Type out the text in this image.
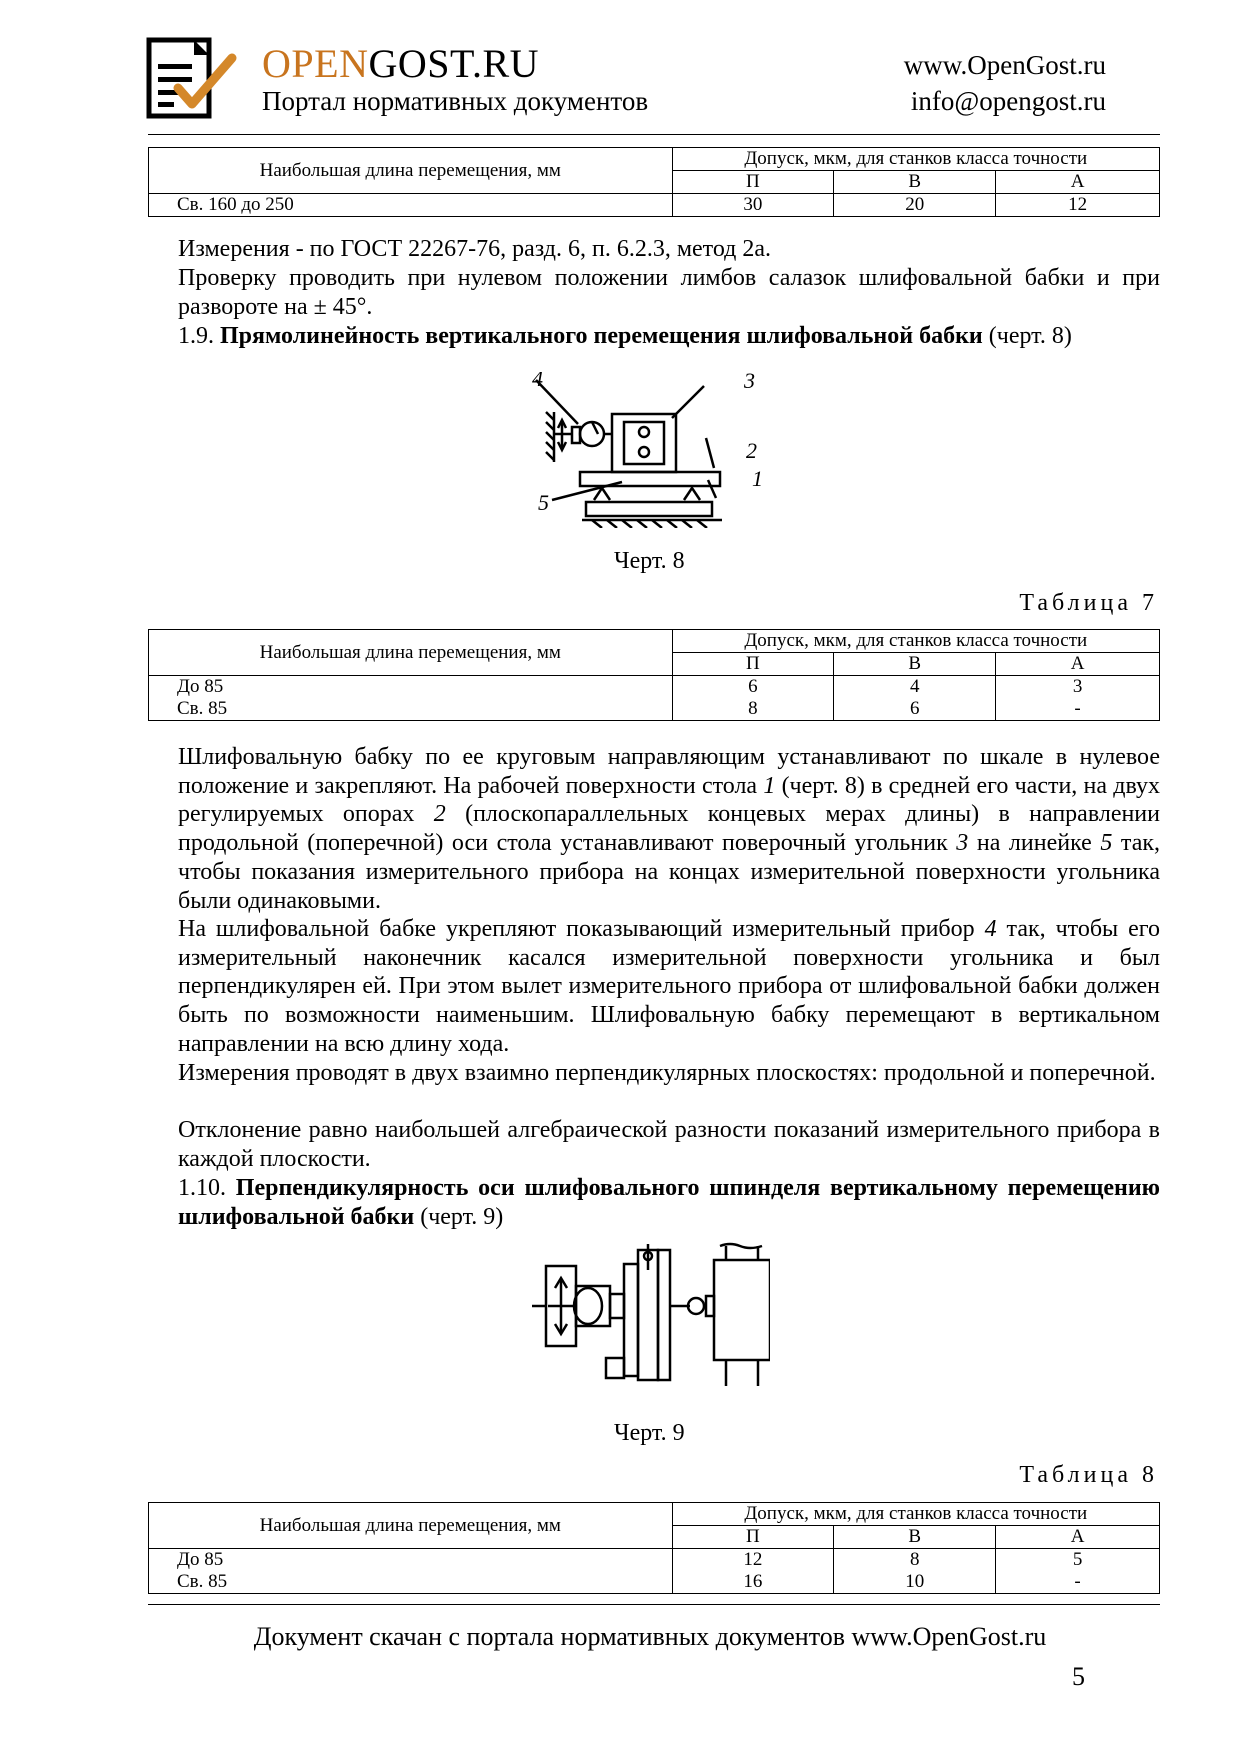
OPENGOST.RU
Портал нормативных документов
www.OpenGost.ru
info@opengost.ru
Наибольшая длина перемещения, мм	Допуск, мкм, для станков класса точности		
	П	В	А
Св. 160 до 250	30	20	12
Измерения - по ГОСТ 22267-76, разд. 6, п. 6.2.3, метод 2а.
Проверку проводить при нулевом положении лимбов салазок шлифовальной бабки и при развороте на ± 45°.
1.9. Прямолинейность вертикального перемещения шлифовальной бабки (черт. 8)
4	3
2
1
5
Черт. 8
Таблица 7
Наибольшая длина перемещения, мм	Допуск, мкм, для станков класса точности		
	П	В	А
До 85	6	4	3
Св. 85	8	6	-
Шлифовальную бабку по ее круговым направляющим устанавливают по шкале в нулевое положение и закрепляют. На рабочей поверхности стола 1 (черт. 8) в средней его части, на двух регулируемых опорах 2 (плоскопараллельных концевых мерах длины) в направлении продольной (поперечной) оси стола устанавливают поверочный угольник 3 на линейке 5 так, чтобы показания измерительного прибора на концах измерительной поверхности угольника были одинаковыми.
На шлифовальной бабке укрепляют показывающий измерительный прибор 4 так, чтобы его измерительный наконечник касался измерительной поверхности угольника и был перпендикулярен ей. При этом вылет измерительного прибора от шлифовальной бабки должен быть по возможности наименьшим. Шлифовальную бабку перемещают в вертикальном направлении на всю длину хода.
Измерения проводят в двух взаимно перпендикулярных плоскостях: продольной и поперечной.
Отклонение равно наибольшей алгебраической разности показаний измерительного прибора в каждой плоскости.
1.10. Перпендикулярность оси шлифовального шпинделя вертикальному перемещению шлифовальной бабки (черт. 9)
Черт. 9
Таблица 8
Наибольшая длина перемещения, мм	Допуск, мкм, для станков класса точности		
	П	В	А
До 85	12	8	5
Св. 85	16	10	-
Документ скачан с портала нормативных документов www.OpenGost.ru
5
